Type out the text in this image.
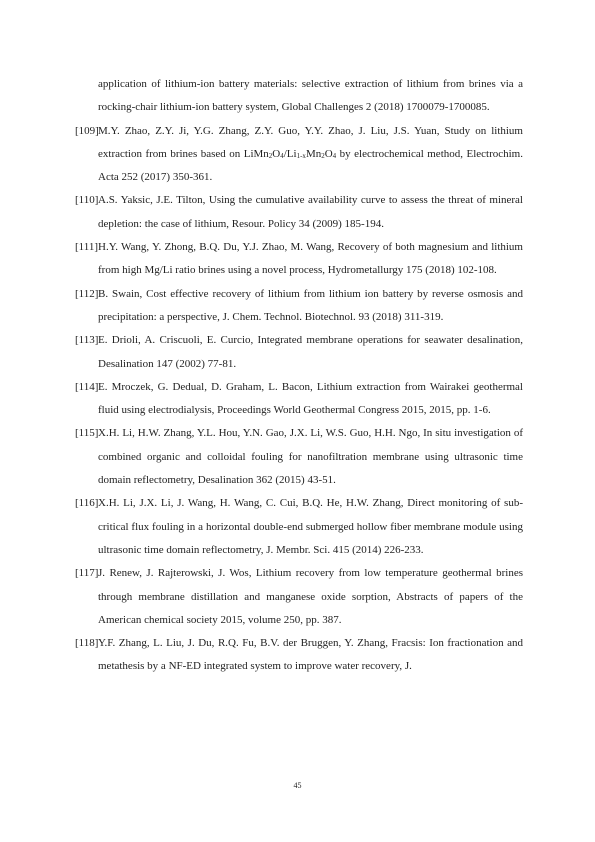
application of lithium-ion battery materials: selective extraction of lithium from brines via a rocking-chair lithium-ion battery system, Global Challenges 2 (2018) 1700079-1700085.
[109] M.Y. Zhao, Z.Y. Ji, Y.G. Zhang, Z.Y. Guo, Y.Y. Zhao, J. Liu, J.S. Yuan, Study on lithium extraction from brines based on $LiMn_2O_4/Li_{1-x}Mn_2O_4$ by electrochemical method, Electrochim. Acta 252 (2017) 350-361.
[110] A.S. Yaksic, J.E. Tilton, Using the cumulative availability curve to assess the threat of mineral depletion: the case of lithium, Resour. Policy 34 (2009) 185-194.
[111] H.Y. Wang, Y. Zhong, B.Q. Du, Y.J. Zhao, M. Wang, Recovery of both magnesium and lithium from high Mg/Li ratio brines using a novel process, Hydrometallurgy 175 (2018) 102-108.
[112] B. Swain, Cost effective recovery of lithium from lithium ion battery by reverse osmosis and precipitation: a perspective, J. Chem. Technol. Biotechnol. 93 (2018) 311-319.
[113] E. Drioli, A. Criscuoli, E. Curcio, Integrated membrane operations for seawater desalination, Desalination 147 (2002) 77-81.
[114] E. Mroczek, G. Dedual, D. Graham, L. Bacon, Lithium extraction from Wairakei geothermal fluid using electrodialysis, Proceedings World Geothermal Congress 2015, 2015, pp. 1-6.
[115] X.H. Li, H.W. Zhang, Y.L. Hou, Y.N. Gao, J.X. Li, W.S. Guo, H.H. Ngo, In situ investigation of combined organic and colloidal fouling for nanofiltration membrane using ultrasonic time domain reflectometry, Desalination 362 (2015) 43-51.
[116] X.H. Li, J.X. Li, J. Wang, H. Wang, C. Cui, B.Q. He, H.W. Zhang, Direct monitoring of sub-critical flux fouling in a horizontal double-end submerged hollow fiber membrane module using ultrasonic time domain reflectometry, J. Membr. Sci. 415 (2014) 226-233.
[117] J. Renew, J. Rajterowski, J. Wos, Lithium recovery from low temperature geothermal brines through membrane distillation and manganese oxide sorption, Abstracts of papers of the American chemical society 2015, volume 250, pp. 387.
[118] Y.F. Zhang, L. Liu, J. Du, R.Q. Fu, B.V. der Bruggen, Y. Zhang, Fracsis: Ion fractionation and metathesis by a NF-ED integrated system to improve water recovery, J.
45
